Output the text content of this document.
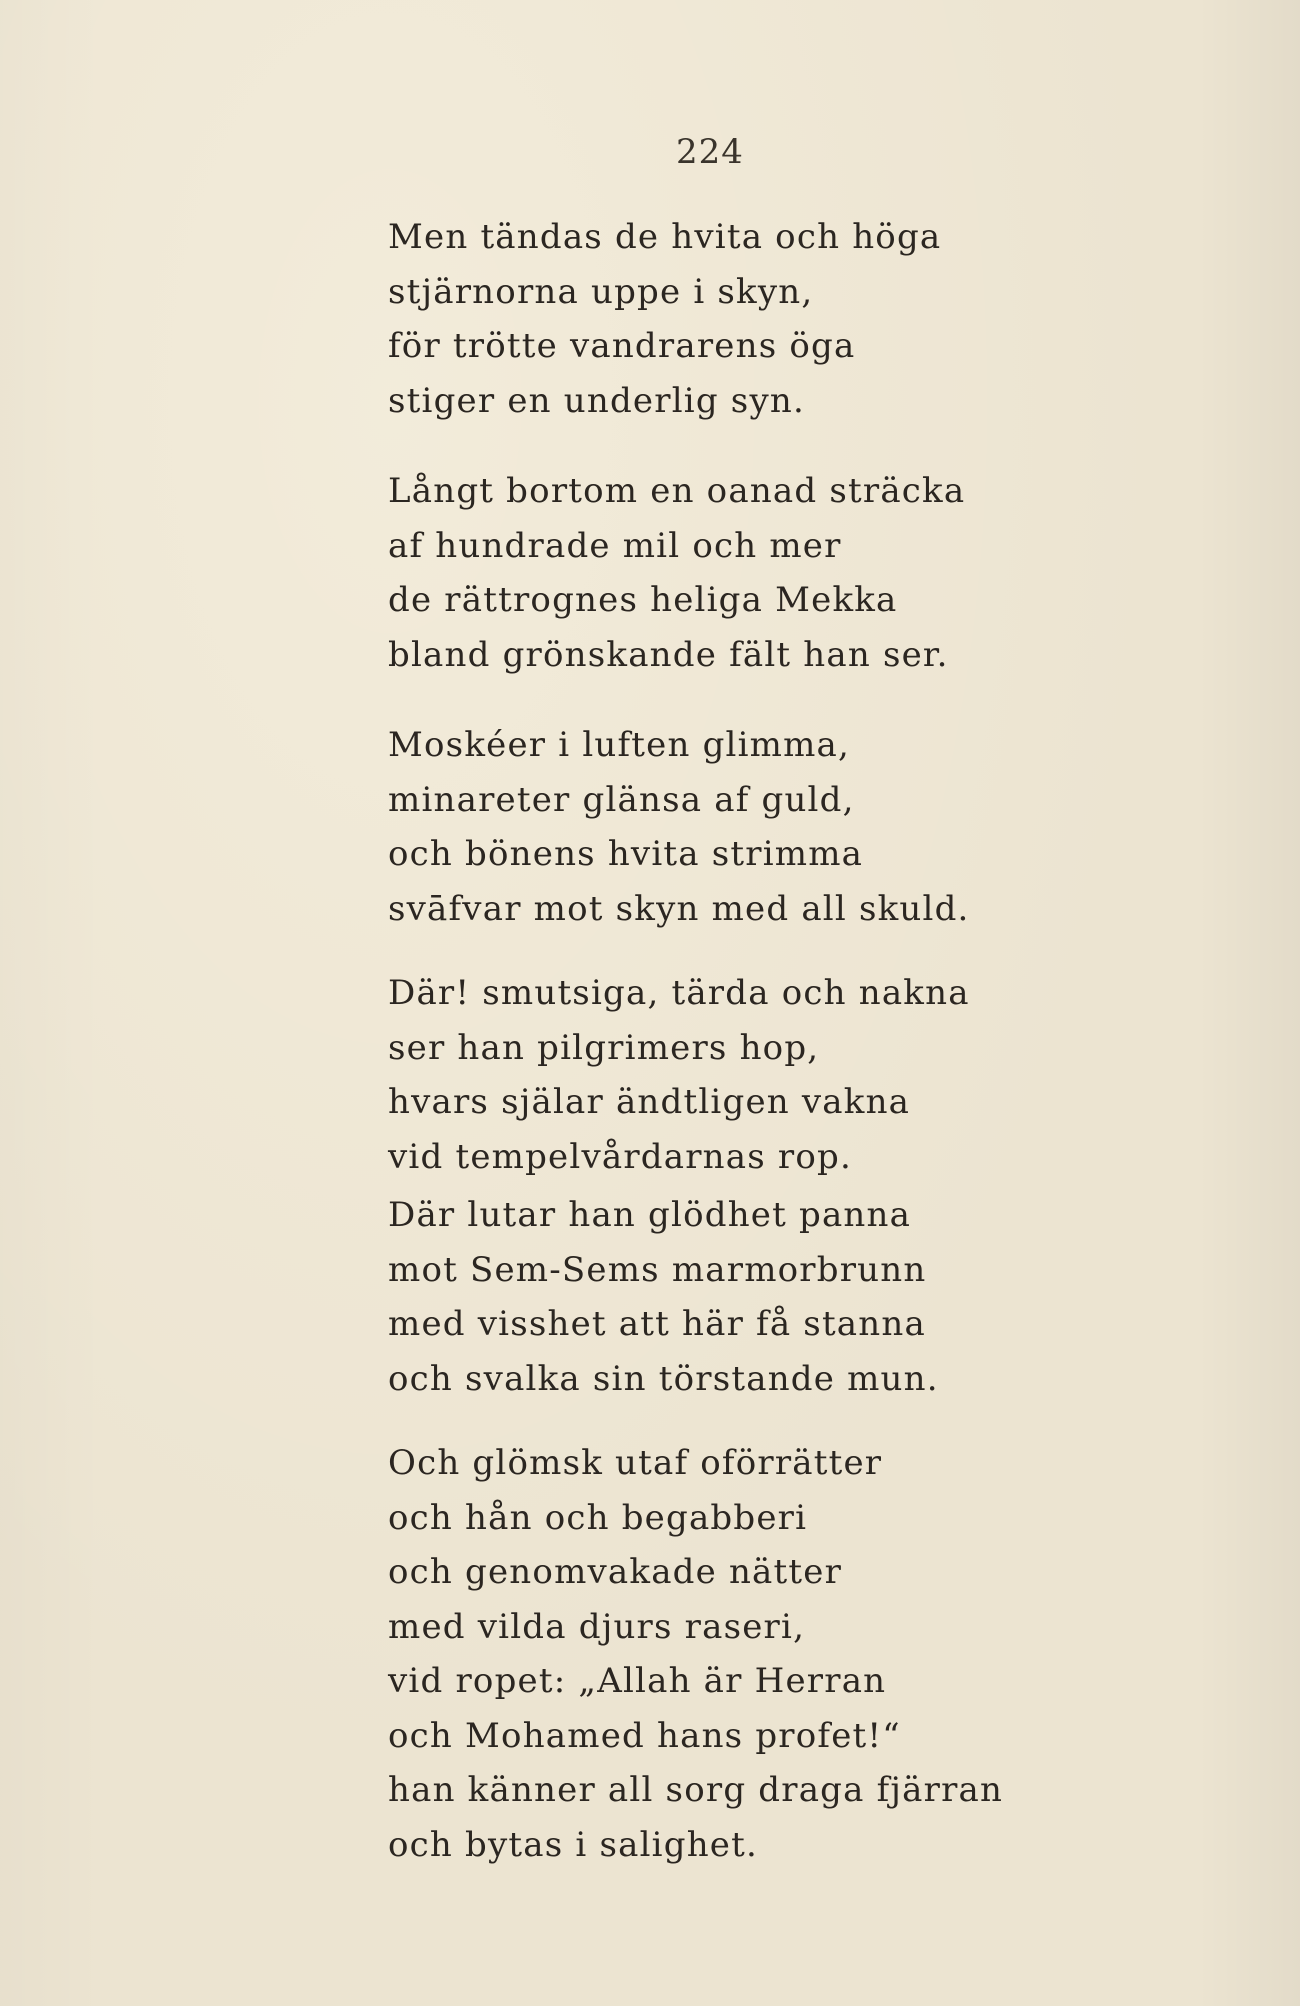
224
Men tändas de hvita och höga
stjärnorna uppe i skyn,
för trötte vandrarens öga
stiger en underlig syn.
Långt bortom en oanad sträcka
af hundrade mil och mer
de rättrognes heliga Mekka
bland grönskande fält han ser.
Moskéer i luften glimma,
minareter glänsa af guld,
och bönens hvita strimma
svāfvar mot skyn med all skuld.
Där! smutsiga, tärda och nakna
ser han pilgrimers hop,
hvars själar ändtligen vakna
vid tempelvårdarnas rop.
Där lutar han glödhet panna
mot Sem-Sems marmorbrunn
med visshet att här få stanna
och svalka sin törstande mun.
Och glömsk utaf oförrätter
och hån och begabberi
och genomvakade nätter
med vilda djurs raseri,
vid ropet: „Allah är Herran
och Mohamed hans profet!“
han känner all sorg draga fjärran
och bytas i salighet.
